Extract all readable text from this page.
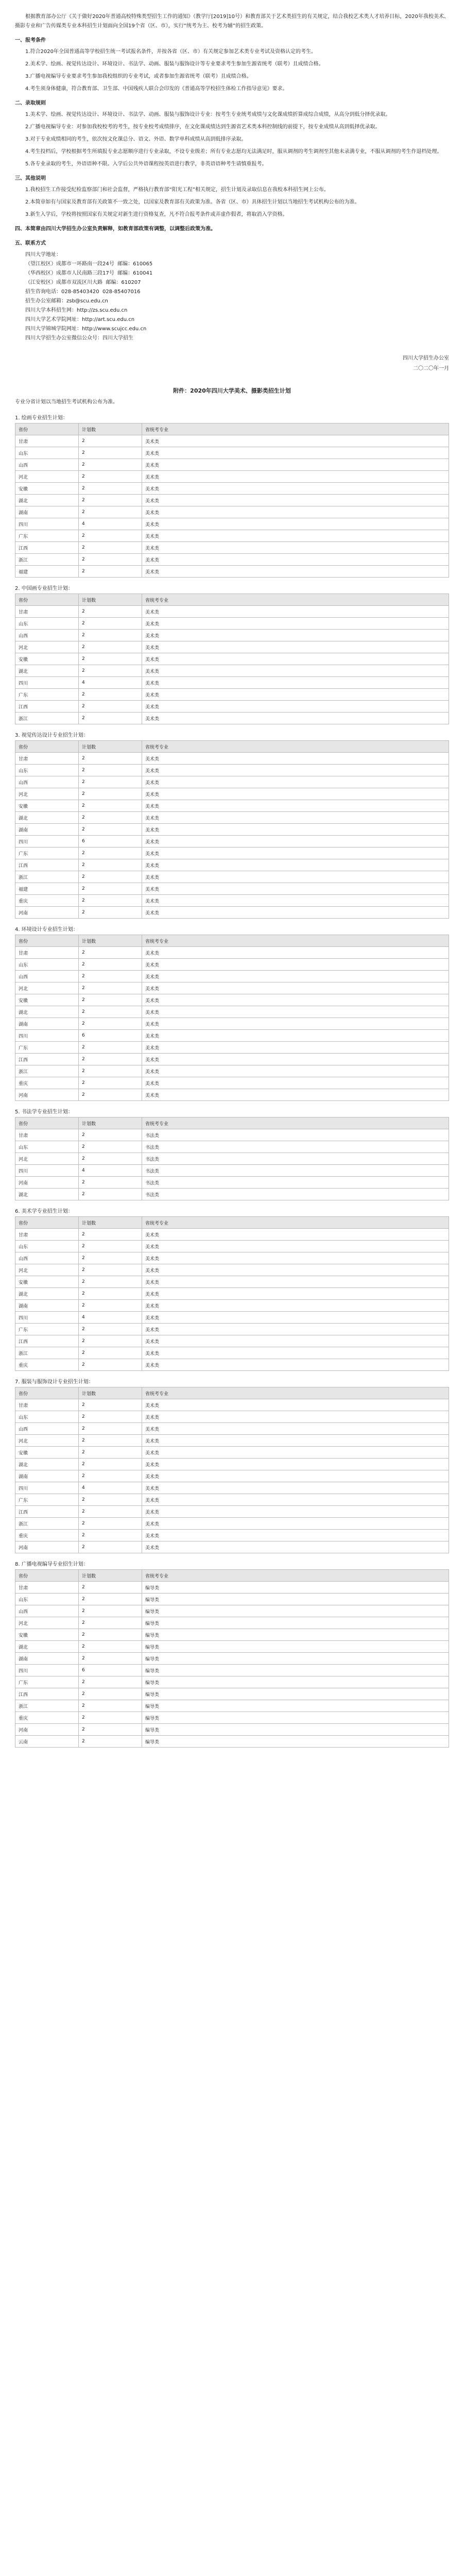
根据教育部办公厅《关于做好2020年普通高校特殊类型招生工作的通知》（教学厅[2019]10号）和教育部关于艺术类招生的有关规定，结合我校艺术类人才培养目标，2020年我校美术、摄影专业和广告传媒类专业本科招生计划面向全国19个省（区、市），实行“统考为主、校考为辅”的招生政策。

一、报考条件

1.符合2020年全国普通高等学校招生统一考试报名条件，并按各省（区、市）有关规定参加艺术类专业考试及资格认定的考生。

2.美术学、绘画、视觉传达设计、环境设计、书法学、动画、服装与服饰设计等专业要求考生参加生源省统考（联考）且成绩合格。

3.广播电视编导专业要求考生参加我校组织的专业考试，或者参加生源省统考（联考）且成绩合格。

4.考生须身体健康，符合教育部、卫生部、中国残疾人联合会印发的《普通高等学校招生体检工作指导意见》要求。

二、录取规则

1.美术学、绘画、视觉传达设计、环境设计、书法学、动画、服装与服饰设计专业：按考生专业统考成绩与文化课成绩折算成综合成绩，从高分到低分择优录取。

2.广播电视编导专业：对参加我校校考的考生，按专业校考成绩排序，在文化课成绩达到生源省艺术类本科控制线的前提下，按专业成绩从高到低择优录取。

3.对于专业成绩相同的考生，依次按文化课总分、语文、外语、数学单科成绩从高到低排序录取。

4.考生投档后，学校根据考生所填报专业志愿顺序进行专业录取，不设专业级差；所有专业志愿均无法满足时，服从调剂的考生调剂至其他未录满专业，不服从调剂的考生作退档处理。

5.各专业录取的考生，外语语种不限。入学后公共外语课程按英语进行教学，非英语语种考生请慎重报考。

三、其他说明

1.我校招生工作接受纪检监察部门和社会监督，严格执行教育部“阳光工程”相关规定，招生计划及录取信息在我校本科招生网上公布。

2.本简章如有与国家及教育部有关政策不一致之处，以国家及教育部有关政策为准。各省（区、市）具体招生计划以当地招生考试机构公布的为准。

3.新生入学后，学校将按照国家有关规定对新生进行资格复查，凡不符合报考条件或弄虚作假者，将取消入学资格。

四、本简章由四川大学招生办公室负责解释，如教育部政策有调整，以调整后政策为准。
五、联系方式

四川大学地址：

（望江校区）成都市一环路南一段24号  邮编：610065

（华西校区）成都市人民南路三段17号  邮编：610041

（江安校区）成都市双流区川大路  邮编：610207

招生咨询电话：028-85403420  028-85407016

招生办公室邮箱：zsb@scu.edu.cn

四川大学本科招生网：http://zs.scu.edu.cn

四川大学艺术学院网址：http://art.scu.edu.cn

四川大学锦城学院网址：http://www.scujcc.edu.cn

四川大学招生办公室微信公众号：四川大学招生

四川大学招生办公室
二〇二〇年一月
附件：2020年四川大学美术、摄影类招生计划
专业分省计划以当地招生考试机构公布为准。
1. 绘画专业招生计划：
省份	计划数	省统考专业
甘肃	2	美术类
山东	2	美术类
山西	2	美术类
河北	2	美术类
安徽	2	美术类
湖北	2	美术类
湖南	2	美术类
四川	4	美术类
广东	2	美术类
江西	2	美术类
浙江	2	美术类
福建	2	美术类
2. 中国画专业招生计划：
省份	计划数	省统考专业
甘肃	2	美术类
山东	2	美术类
山西	2	美术类
河北	2	美术类
安徽	2	美术类
湖北	2	美术类
四川	4	美术类
广东	2	美术类
江西	2	美术类
浙江	2	美术类
3. 视觉传达设计专业招生计划：
省份	计划数	省统考专业
甘肃	2	美术类
山东	2	美术类
山西	2	美术类
河北	2	美术类
安徽	2	美术类
湖北	2	美术类
湖南	2	美术类
四川	6	美术类
广东	2	美术类
江西	2	美术类
浙江	2	美术类
福建	2	美术类
重庆	2	美术类
河南	2	美术类
4. 环境设计专业招生计划：
省份	计划数	省统考专业
甘肃	2	美术类
山东	2	美术类
山西	2	美术类
河北	2	美术类
安徽	2	美术类
湖北	2	美术类
湖南	2	美术类
四川	6	美术类
广东	2	美术类
江西	2	美术类
浙江	2	美术类
重庆	2	美术类
河南	2	美术类
5. 书法学专业招生计划：
省份	计划数	省统考专业
甘肃	2	书法类
山东	2	书法类
河北	2	书法类
四川	4	书法类
河南	2	书法类
湖北	2	书法类
6. 美术学专业招生计划：
省份	计划数	省统考专业
甘肃	2	美术类
山东	2	美术类
山西	2	美术类
河北	2	美术类
安徽	2	美术类
湖北	2	美术类
湖南	2	美术类
四川	4	美术类
广东	2	美术类
江西	2	美术类
浙江	2	美术类
重庆	2	美术类
7. 服装与服饰设计专业招生计划：
省份	计划数	省统考专业
甘肃	2	美术类
山东	2	美术类
山西	2	美术类
河北	2	美术类
安徽	2	美术类
湖北	2	美术类
湖南	2	美术类
四川	4	美术类
广东	2	美术类
江西	2	美术类
浙江	2	美术类
重庆	2	美术类
河南	2	美术类
8. 广播电视编导专业招生计划：
省份	计划数	省统考专业
甘肃	2	编导类
山东	2	编导类
山西	2	编导类
河北	2	编导类
安徽	2	编导类
湖北	2	编导类
湖南	2	编导类
四川	6	编导类
广东	2	编导类
江西	2	编导类
浙江	2	编导类
重庆	2	编导类
河南	2	编导类
云南	2	编导类
